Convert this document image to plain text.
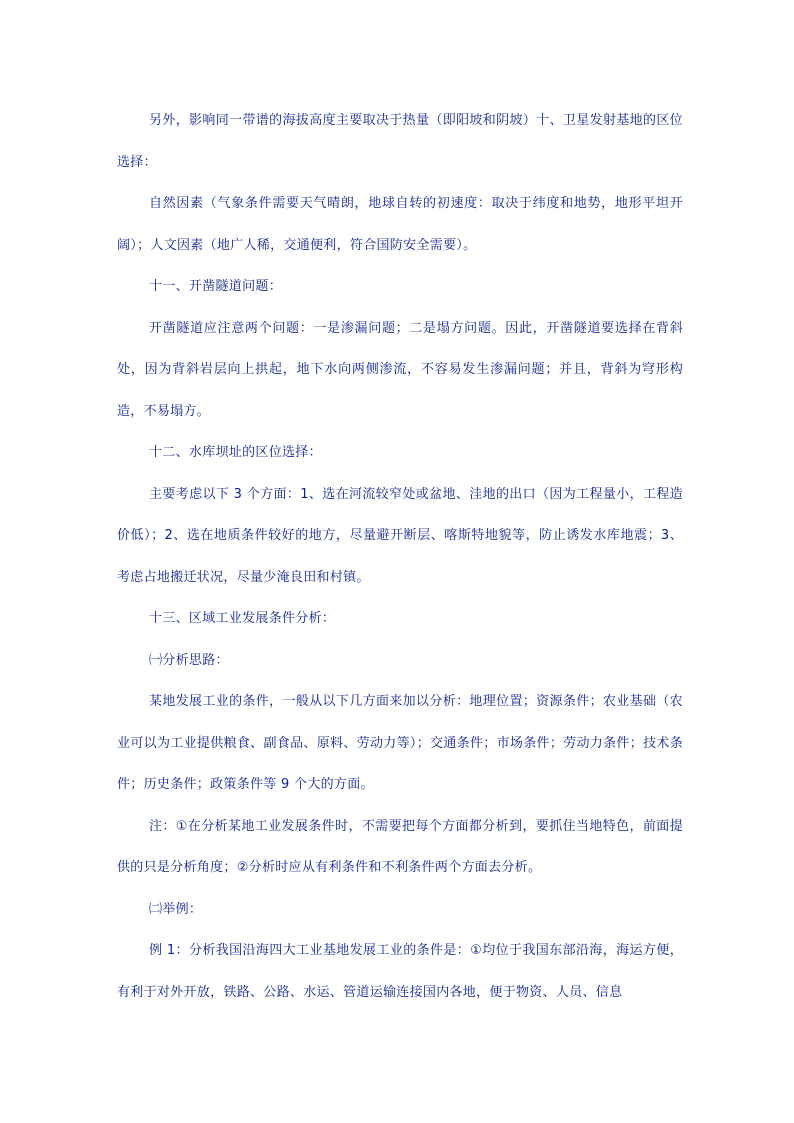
另外，影响同一带谱的海拔高度主要取决于热量（即阳坡和阴坡）十、卫星发射基地的区位选择：

自然因素（气象条件需要天气晴朗，地球自转的初速度：取决于纬度和地势，地形平坦开阔）；人文因素（地广人稀，交通便利，符合国防安全需要）。

十一、开凿隧道问题：

开凿隧道应注意两个问题：一是渗漏问题；二是塌方问题。因此，开凿隧道要选择在背斜处，因为背斜岩层向上拱起，地下水向两侧渗流，不容易发生渗漏问题；并且，背斜为穹形构造，不易塌方。

十二、水库坝址的区位选择：

主要考虑以下 3 个方面：1、选在河流较窄处或盆地、洼地的出口（因为工程量小，工程造价低）；2、选在地质条件较好的地方，尽量避开断层、喀斯特地貌等，防止诱发水库地震；3、考虑占地搬迁状况，尽量少淹良田和村镇。

十三、区域工业发展条件分析：

㈠分析思路：

某地发展工业的条件，一般从以下几方面来加以分析：地理位置；资源条件；农业基础（农业可以为工业提供粮食、副食品、原料、劳动力等）；交通条件；市场条件；劳动力条件；技术条件；历史条件；政策条件等 9 个大的方面。

注：①在分析某地工业发展条件时，不需要把每个方面都分析到，要抓住当地特色，前面提供的只是分析角度；②分析时应从有利条件和不利条件两个方面去分析。

㈡举例：

例 1：分析我国沿海四大工业基地发展工业的条件是：①均位于我国东部沿海，海运方便，有利于对外开放，铁路、公路、水运、管道运输连接国内各地，便于物资、人员、信息
